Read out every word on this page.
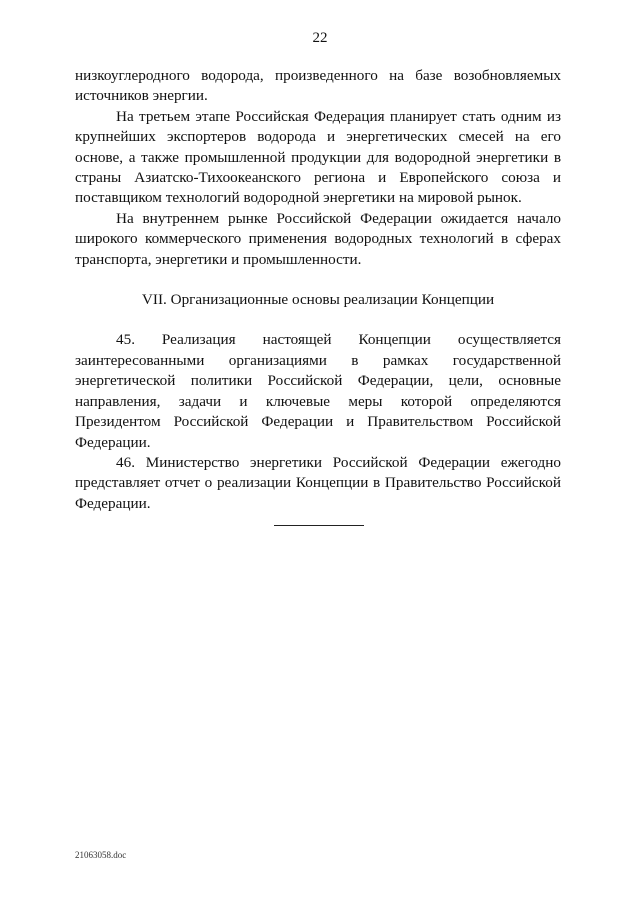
22

низкоуглеродного водорода, произведенного на базе возобновляемых источников энергии.

На третьем этапе Российская Федерация планирует стать одним из крупнейших экспортеров водорода и энергетических смесей на его основе, а также промышленной продукции для водородной энергетики в страны Азиатско-Тихоокеанского региона и Европейского союза и поставщиком технологий водородной энергетики на мировой рынок.

На внутреннем рынке Российской Федерации ожидается начало широкого коммерческого применения водородных технологий в сферах транспорта, энергетики и промышленности.

VII. Организационные основы реализации Концепции

45. Реализация настоящей Концепции осуществляется заинтересованными организациями в рамках государственной энергетической политики Российской Федерации, цели, основные направления, задачи и ключевые меры которой определяются Президентом Российской Федерации и Правительством Российской Федерации.

46. Министерство энергетики Российской Федерации ежегодно представляет отчет о реализации Концепции в Правительство Российской Федерации.

21063058.doc
